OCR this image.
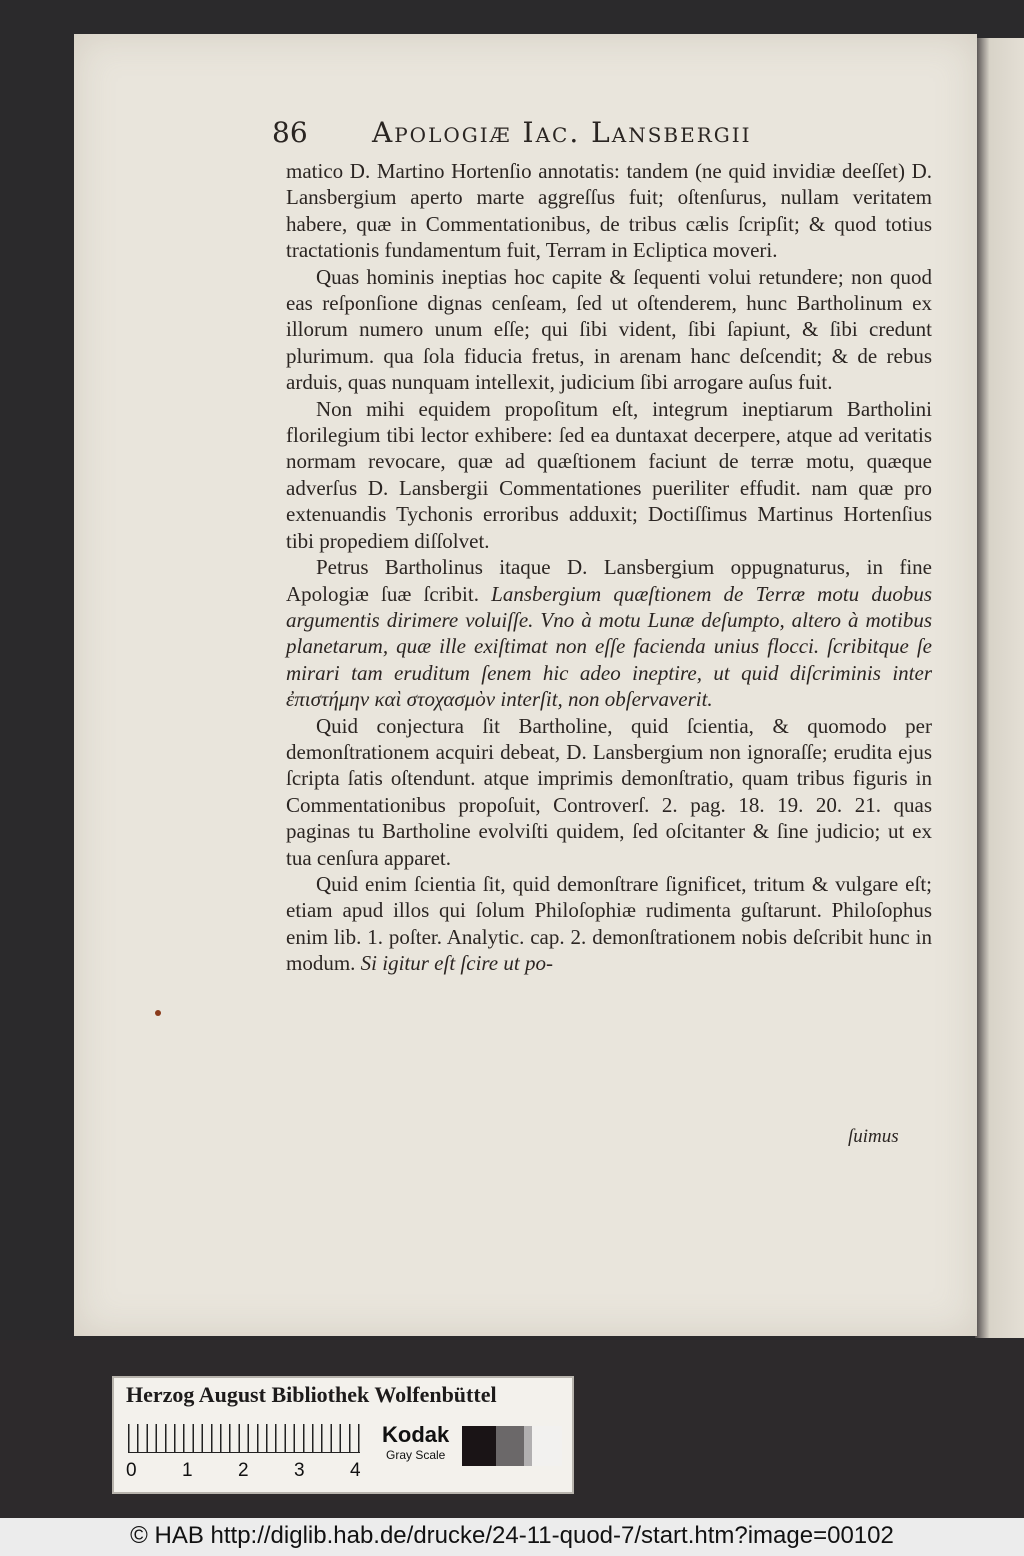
86 Apologiæ Iac. Lansbergii

matico D. Martino Hortenſio annotatis: tandem (ne quid invidiæ deeſſet) D. Lansbergium aperto marte aggreſſus fuit; oſtenſurus, nullam veritatem habere, quæ in Commentationibus, de tribus cælis ſcripſit; & quod totius tractationis fundamentum fuit, Terram in Ecliptica moveri.

Quas hominis ineptias hoc capite & ſequenti volui retundere; non quod eas reſponſione dignas cenſeam, ſed ut oſtenderem, hunc Bartholinum ex illorum numero unum eſſe; qui ſibi vident, ſibi ſapiunt, & ſibi credunt plurimum. qua ſola fiducia fretus, in arenam hanc deſcendit; & de rebus arduis, quas nunquam intellexit, judicium ſibi arrogare auſus fuit.

Non mihi equidem propoſitum eſt, integrum ineptiarum Bartholini florilegium tibi lector exhibere: ſed ea duntaxat decerpere, atque ad veritatis normam revocare, quæ ad quæſtionem faciunt de terræ motu, quæque adverſus D. Lansbergii Commentationes pueriliter effudit. nam quæ pro extenuandis Tychonis erroribus adduxit; Doctiſſimus Martinus Hortenſius tibi propediem diſſolvet.

Petrus Bartholinus itaque D. Lansbergium oppugnaturus, in fine Apologiæ ſuæ ſcribit. Lansbergium quæſtionem de Terræ motu duobus argumentis dirimere voluiſſe. Vno à motu Lunæ deſumpto, altero à motibus planetarum, quæ ille exiſtimat non eſſe facienda unius flocci. ſcribitque ſe mirari tam eruditum ſenem hic adeo ineptire, ut quid diſcriminis inter ἐπιστήμην καὶ στοχασμὸν interſit, non obſervaverit.

Quid conjectura ſit Bartholine, quid ſcientia, & quomodo per demonſtrationem acquiri debeat, D. Lansbergium non ignoraſſe; erudita ejus ſcripta ſatis oſtendunt. atque imprimis demonſtratio, quam tribus figuris in Commentationibus propoſuit, Controverſ. 2. pag. 18. 19. 20. 21. quas paginas tu Bartholine evolviſti quidem, ſed oſcitanter & ſine judicio; ut ex tua cenſura apparet.

Quid enim ſcientia ſit, quid demonſtrare ſignificet, tritum & vulgare eſt; etiam apud illos qui ſolum Philoſophiæ rudimenta guſtarunt. Philoſophus enim lib. 1. poſter. Analytic. cap. 2. demonſtrationem nobis deſcribit hunc in modum. Si igitur eſt ſcire ut po-

ſuimus
Herzog August Bibliothek Wolfenbüttel
0 1 2 3 4
Kodak
Gray Scale
© HAB http://diglib.hab.de/drucke/24-11-quod-7/start.htm?image=00102
